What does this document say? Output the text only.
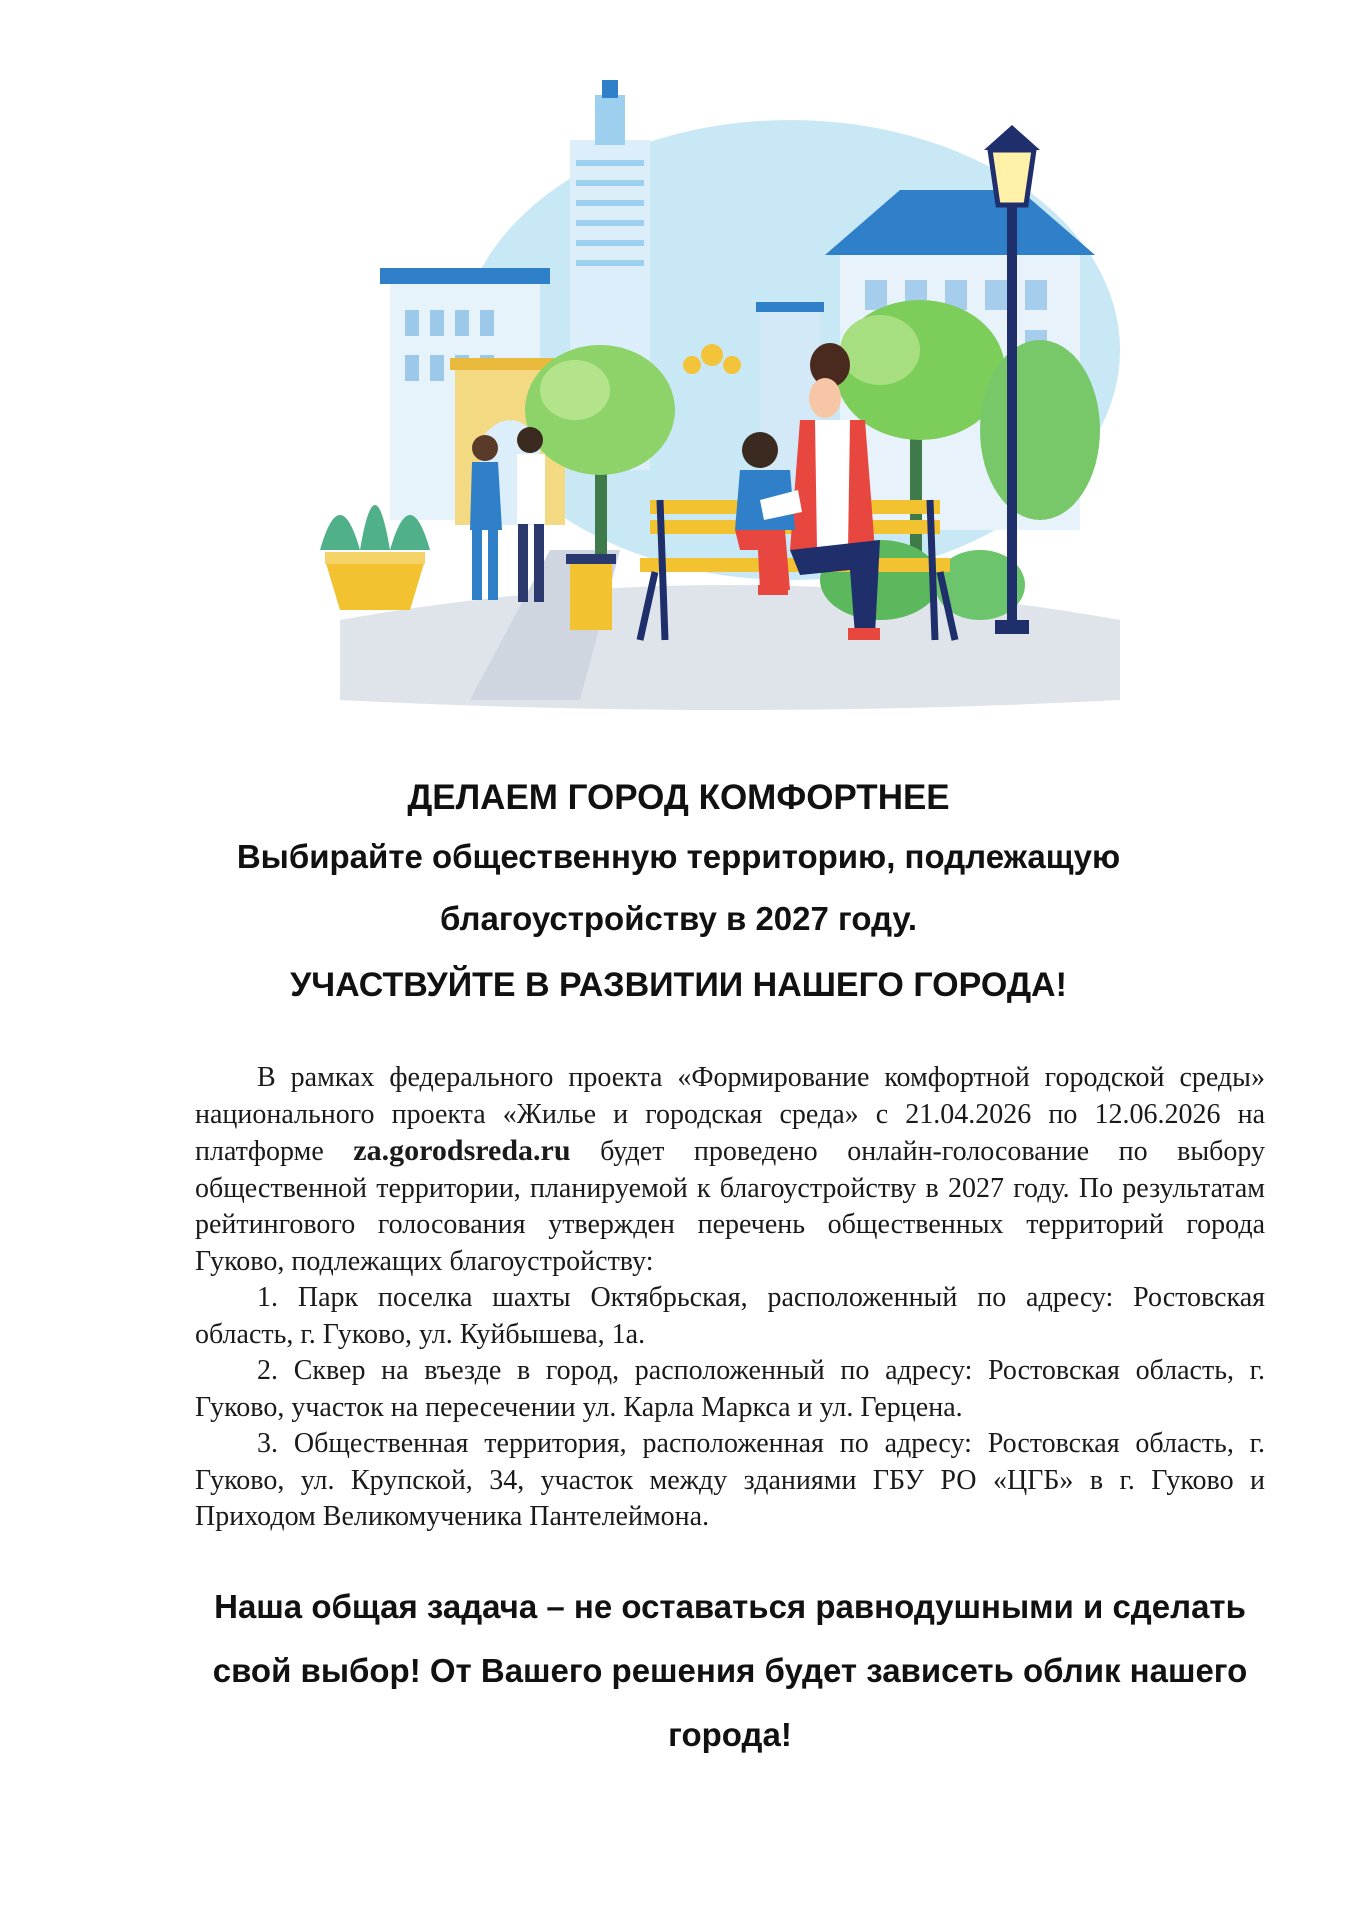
ДЕЛАЕМ ГОРОД КОМФОРТНЕЕ
Выбирайте общественную территорию, подлежащую
благоустройству в 2027 году.
УЧАСТВУЙТЕ В РАЗВИТИИ НАШЕГО ГОРОДА!

В рамках федерального проекта «Формирование комфортной городской среды» национального проекта «Жилье и городская среда» с 21.04.2026 по 12.06.2026 на платформе za.gorodsreda.ru будет проведено онлайн-голосование по выбору общественной территории, планируемой к благоустройству в 2027 году. По результатам рейтингового голосования утвержден перечень общественных территорий города Гуково, подлежащих благоустройству:

1. Парк поселка шахты Октябрьская, расположенный по адресу: Ростовская область, г. Гуково, ул. Куйбышева, 1а.

2. Сквер на въезде в город, расположенный по адресу: Ростовская область, г. Гуково, участок на пересечении ул. Карла Маркса и ул. Герцена.

3. Общественная территория, расположенная по адресу: Ростовская область, г. Гуково, ул. Крупской, 34, участок между зданиями ГБУ РО «ЦГБ» в г. Гуково и Приходом Великомученика Пантелеймона.

Наша общая задача – не оставаться равнодушными и сделать свой выбор! От Вашего решения будет зависеть облик нашего города!
